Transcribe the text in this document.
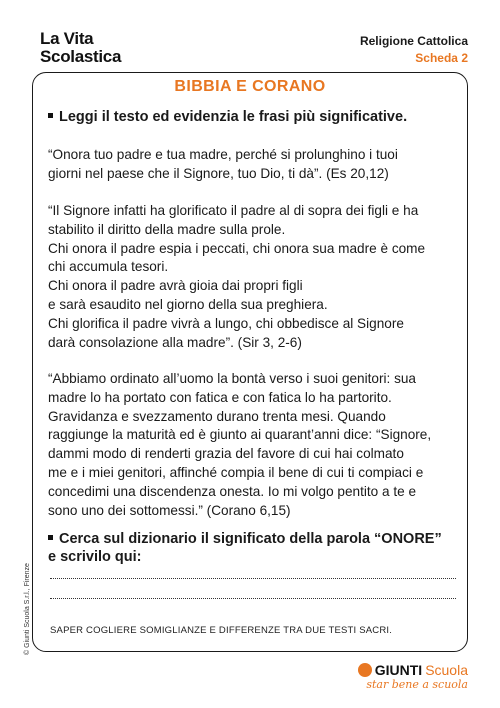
La Vita
Scolastica
Religione Cattolica
Scheda 2
BIBBIA E CORANO
Leggi il testo ed evidenzia le frasi più significative.
“Onora tuo padre e tua madre, perché si prolunghino i tuoi
giorni nel paese che il Signore, tuo Dio, ti dà”. (Es 20,12)
“Il Signore infatti ha glorificato il padre al di sopra dei figli e ha
stabilito il diritto della madre sulla prole.
Chi onora il padre espia i peccati, chi onora sua madre è come
chi accumula tesori.
Chi onora il padre avrà gioia dai propri figli
e sarà esaudito nel giorno della sua preghiera.
Chi glorifica il padre vivrà a lungo, chi obbedisce al Signore
darà consolazione alla madre”. (Sir 3, 2-6)
“Abbiamo ordinato all’uomo la bontà verso i suoi genitori: sua
madre lo ha portato con fatica e con fatica lo ha partorito.
Gravidanza e svezzamento durano trenta mesi. Quando
raggiunge la maturità ed è giunto ai quarant’anni dice: “Signore,
dammi modo di renderti grazia del favore di cui hai colmato
me e i miei genitori, affinché compia il bene di cui ti compiaci e
concedimi una discendenza onesta. Io mi volgo pentito a te e
sono uno dei sottomessi.” (Corano 6,15)
Cerca sul dizionario il significato della parola “ONORE”
e scrivilo qui:
SAPER COGLIERE SOMIGLIANZE E DIFFERENZE TRA DUE TESTI SACRI.
© Giunti Scuola S.r.l., Firenze
GIUNTI Scuola
star bene a scuola
